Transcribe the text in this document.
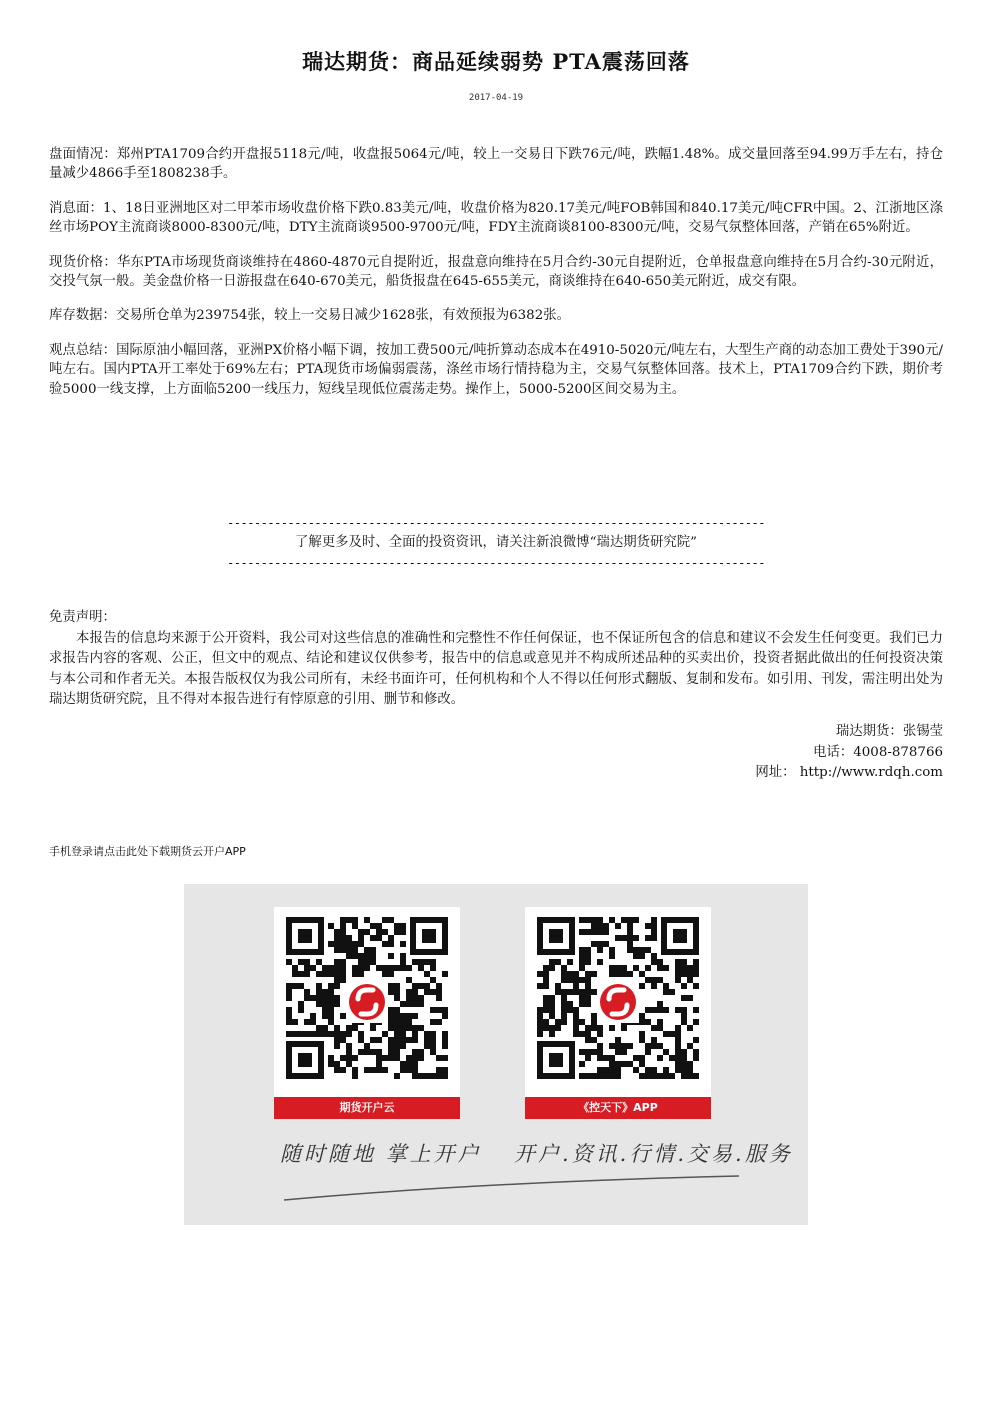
瑞达期货：商品延续弱势 PTA震荡回落
2017-04-19

盘面情况：郑州PTA1709合约开盘报5118元/吨，收盘报5064元/吨，较上一交易日下跌76元/吨，跌幅1.48%。成交量回落至94.99万手左右，持仓量减少4866手至1808238手。

消息面：1、18日亚洲地区对二甲苯市场收盘价格下跌0.83美元/吨，收盘价格为820.17美元/吨FOB韩国和840.17美元/吨CFR中国。2、江浙地区涤丝市场POY主流商谈8000-8300元/吨，DTY主流商谈9500-9700元/吨，FDY主流商谈8100-8300元/吨，交易气氛整体回落，产销在65%附近。

现货价格：华东PTA市场现货商谈维持在4860-4870元自提附近，报盘意向维持在5月合约-30元自提附近，仓单报盘意向维持在5月合约-30元附近，交投气氛一般。美金盘价格一日游报盘在640-670美元，船货报盘在645-655美元，商谈维持在640-650美元附近，成交有限。

库存数据：交易所仓单为239754张，较上一交易日减少1628张，有效预报为6382张。

观点总结：国际原油小幅回落，亚洲PX价格小幅下调，按加工费500元/吨折算动态成本在4910-5020元/吨左右，大型生产商的动态加工费处于390元/吨左右。国内PTA开工率处于69%左右；PTA现货市场偏弱震荡，涤丝市场行情持稳为主，交易气氛整体回落。技术上，PTA1709合约下跌，期价考验5000一线支撑，上方面临5200一线压力，短线呈现低位震荡走势。操作上，5000-5200区间交易为主。

--------------------------------------------------------------------------------
了解更多及时、全面的投资资讯，请关注新浪微博“瑞达期货研究院”
--------------------------------------------------------------------------------
免责声明：

本报告的信息均来源于公开资料，我公司对这些信息的准确性和完整性不作任何保证，也不保证所包含的信息和建议不会发生任何变更。我们已力求报告内容的客观、公正，但文中的观点、结论和建议仅供参考，报告中的信息或意见并不构成所述品种的买卖出价，投资者据此做出的任何投资决策与本公司和作者无关。本报告版权仅为我公司所有，未经书面许可，任何机构和个人不得以任何形式翻版、复制和发布。如引用、刊发，需注明出处为瑞达期货研究院，且不得对本报告进行有悖原意的引用、删节和修改。

瑞达期货：张锡莹
电话：4008-878766
网址： http://www.rdqh.com
手机登录请点击此处下载期货云开户APP
期货开户云	《控天下》APP
随时随地 掌上开户 开户.资讯.行情.交易.服务
